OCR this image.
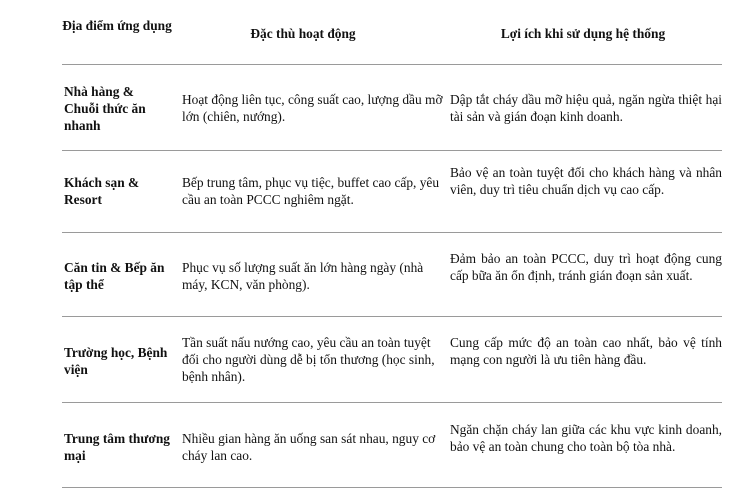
Địa điểm ứng dụng
Đặc thù hoạt động	Lợi ích khi sử dụng hệ thống
Nhà hàng & Chuỗi thức ăn nhanh
Hoạt động liên tục, công suất cao, lượng dầu mỡ lớn (chiên, nướng).
Dập tắt cháy dầu mỡ hiệu quả, ngăn ngừa thiệt hại tài sản và gián đoạn kinh doanh.
Khách sạn & Resort
Bếp trung tâm, phục vụ tiệc, buffet cao cấp, yêu cầu an toàn PCCC nghiêm ngặt.
Bảo vệ an toàn tuyệt đối cho khách hàng và nhân viên, duy trì tiêu chuẩn dịch vụ cao cấp.
Căn tin & Bếp ăn tập thể
Phục vụ số lượng suất ăn lớn hàng ngày (nhà máy, KCN, văn phòng).
Đảm bảo an toàn PCCC, duy trì hoạt động cung cấp bữa ăn ổn định, tránh gián đoạn sản xuất.
Trường học, Bệnh viện
Tần suất nấu nướng cao, yêu cầu an toàn tuyệt đối cho người dùng dễ bị tổn thương (học sinh, bệnh nhân).
Cung cấp mức độ an toàn cao nhất, bảo vệ tính mạng con người là ưu tiên hàng đầu.
Trung tâm thương mại
Nhiều gian hàng ăn uống san sát nhau, nguy cơ cháy lan cao.
Ngăn chặn cháy lan giữa các khu vực kinh doanh, bảo vệ an toàn chung cho toàn bộ tòa nhà.
